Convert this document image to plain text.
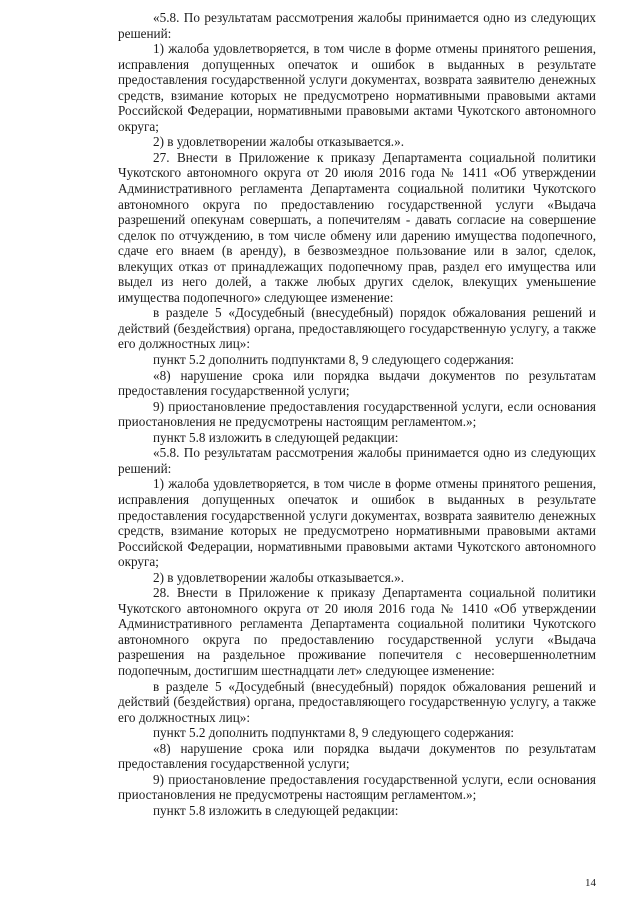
«5.8. По результатам рассмотрения жалобы принимается одно из следующих решений:

1) жалоба удовлетворяется, в том числе в форме отмены принятого решения, исправления допущенных опечаток и ошибок в выданных в результате предоставления государственной услуги документах, возврата заявителю денежных средств, взимание которых не предусмотрено нормативными правовыми актами Российской Федерации, нормативными правовыми актами Чукотского автономного округа;

2) в удовлетворении жалобы отказывается.».

27. Внести в Приложение к приказу Департамента социальной политики Чукотского автономного округа от 20 июля 2016 года № 1411 «Об утверждении Административного регламента Департамента социальной политики Чукотского автономного округа по предоставлению государственной услуги «Выдача разрешений опекунам совершать, а попечителям - давать согласие на совершение сделок по отчуждению, в том числе обмену или дарению имущества подопечного, сдаче его внаем (в аренду), в безвозмездное пользование или в залог, сделок, влекущих отказ от принадлежащих подопечному прав, раздел его имущества или выдел из него долей, а также любых других сделок, влекущих уменьшение имущества подопечного» следующее изменение:

в разделе 5 «Досудебный (внесудебный) порядок обжалования решений и действий (бездействия) органа, предоставляющего государственную услугу, а также его должностных лиц»:

пункт 5.2 дополнить подпунктами 8, 9 следующего содержания:

«8) нарушение срока или порядка выдачи документов по результатам предоставления государственной услуги;

9) приостановление предоставления государственной услуги, если основания приостановления не предусмотрены настоящим регламентом.»;

пункт 5.8 изложить в следующей редакции:

«5.8. По результатам рассмотрения жалобы принимается одно из следующих решений:

1) жалоба удовлетворяется, в том числе в форме отмены принятого решения, исправления допущенных опечаток и ошибок в выданных в результате предоставления государственной услуги документах, возврата заявителю денежных средств, взимание которых не предусмотрено нормативными правовыми актами Российской Федерации, нормативными правовыми актами Чукотского автономного округа;

2) в удовлетворении жалобы отказывается.».

28. Внести в Приложение к приказу Департамента социальной политики Чукотского автономного округа от 20 июля 2016 года № 1410 «Об утверждении Административного регламента Департамента социальной политики Чукотского автономного округа по предоставлению государственной услуги «Выдача разрешения на раздельное проживание попечителя с несовершеннолетним подопечным, достигшим шестнадцати лет» следующее изменение:

в разделе 5 «Досудебный (внесудебный) порядок обжалования решений и действий (бездействия) органа, предоставляющего государственную услугу, а также его должностных лиц»:

пункт 5.2 дополнить подпунктами 8, 9 следующего содержания:

«8) нарушение срока или порядка выдачи документов по результатам предоставления государственной услуги;

9) приостановление предоставления государственной услуги, если основания приостановления не предусмотрены настоящим регламентом.»;

пункт 5.8 изложить в следующей редакции:

14
